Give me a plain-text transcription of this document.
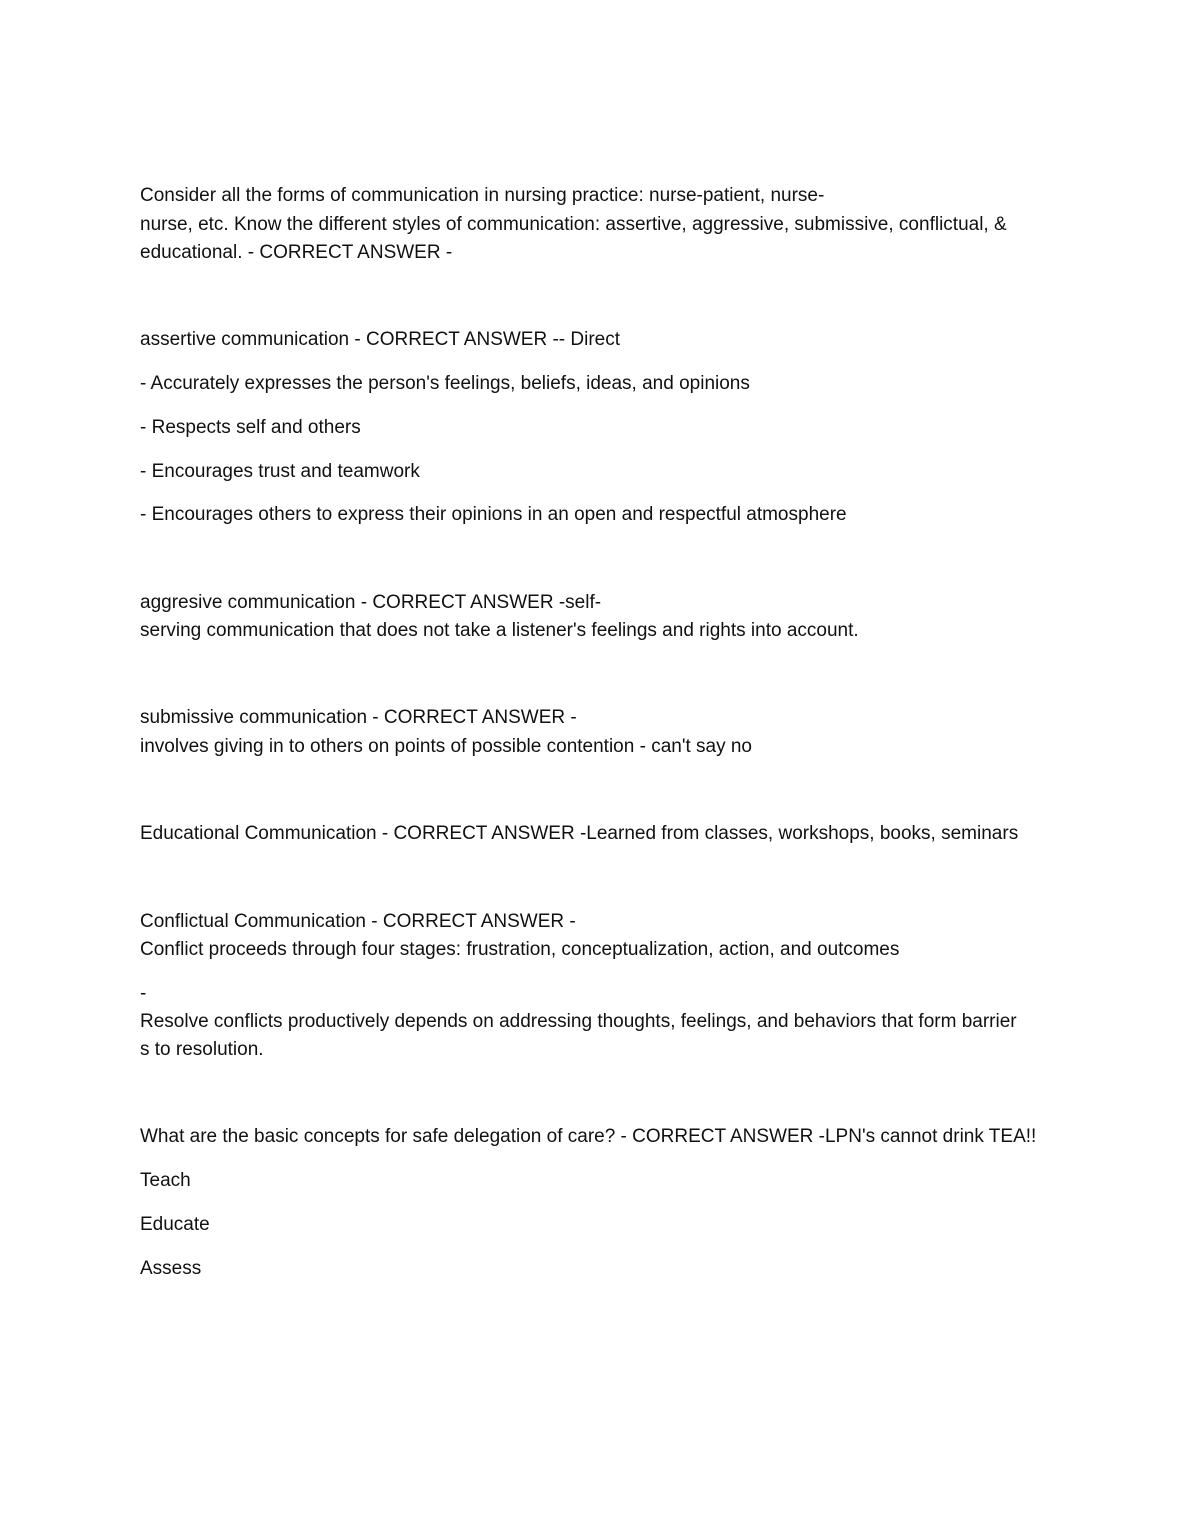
Consider all the forms of communication in nursing practice: nurse-patient, nurse-

nurse, etc. Know the different styles of communication: assertive, aggressive, submissive, conflictual, &

educational. - CORRECT ANSWER -

assertive communication - CORRECT ANSWER -- Direct

- Accurately expresses the person's feelings, beliefs, ideas, and opinions

- Respects self and others

- Encourages trust and teamwork

- Encourages others to express their opinions in an open and respectful atmosphere

aggresive communication - CORRECT ANSWER -self-

serving communication that does not take a listener's feelings and rights into account.

submissive communication - CORRECT ANSWER -

involves giving in to others on points of possible contention - can't say no

Educational Communication - CORRECT ANSWER -Learned from classes, workshops, books, seminars

Conflictual Communication - CORRECT ANSWER -

Conflict proceeds through four stages: frustration, conceptualization, action, and outcomes

-

Resolve conflicts productively depends on addressing thoughts, feelings, and behaviors that form barrier

s to resolution.

What are the basic concepts for safe delegation of care? - CORRECT ANSWER -LPN's cannot drink TEA!!

Teach

Educate

Assess
